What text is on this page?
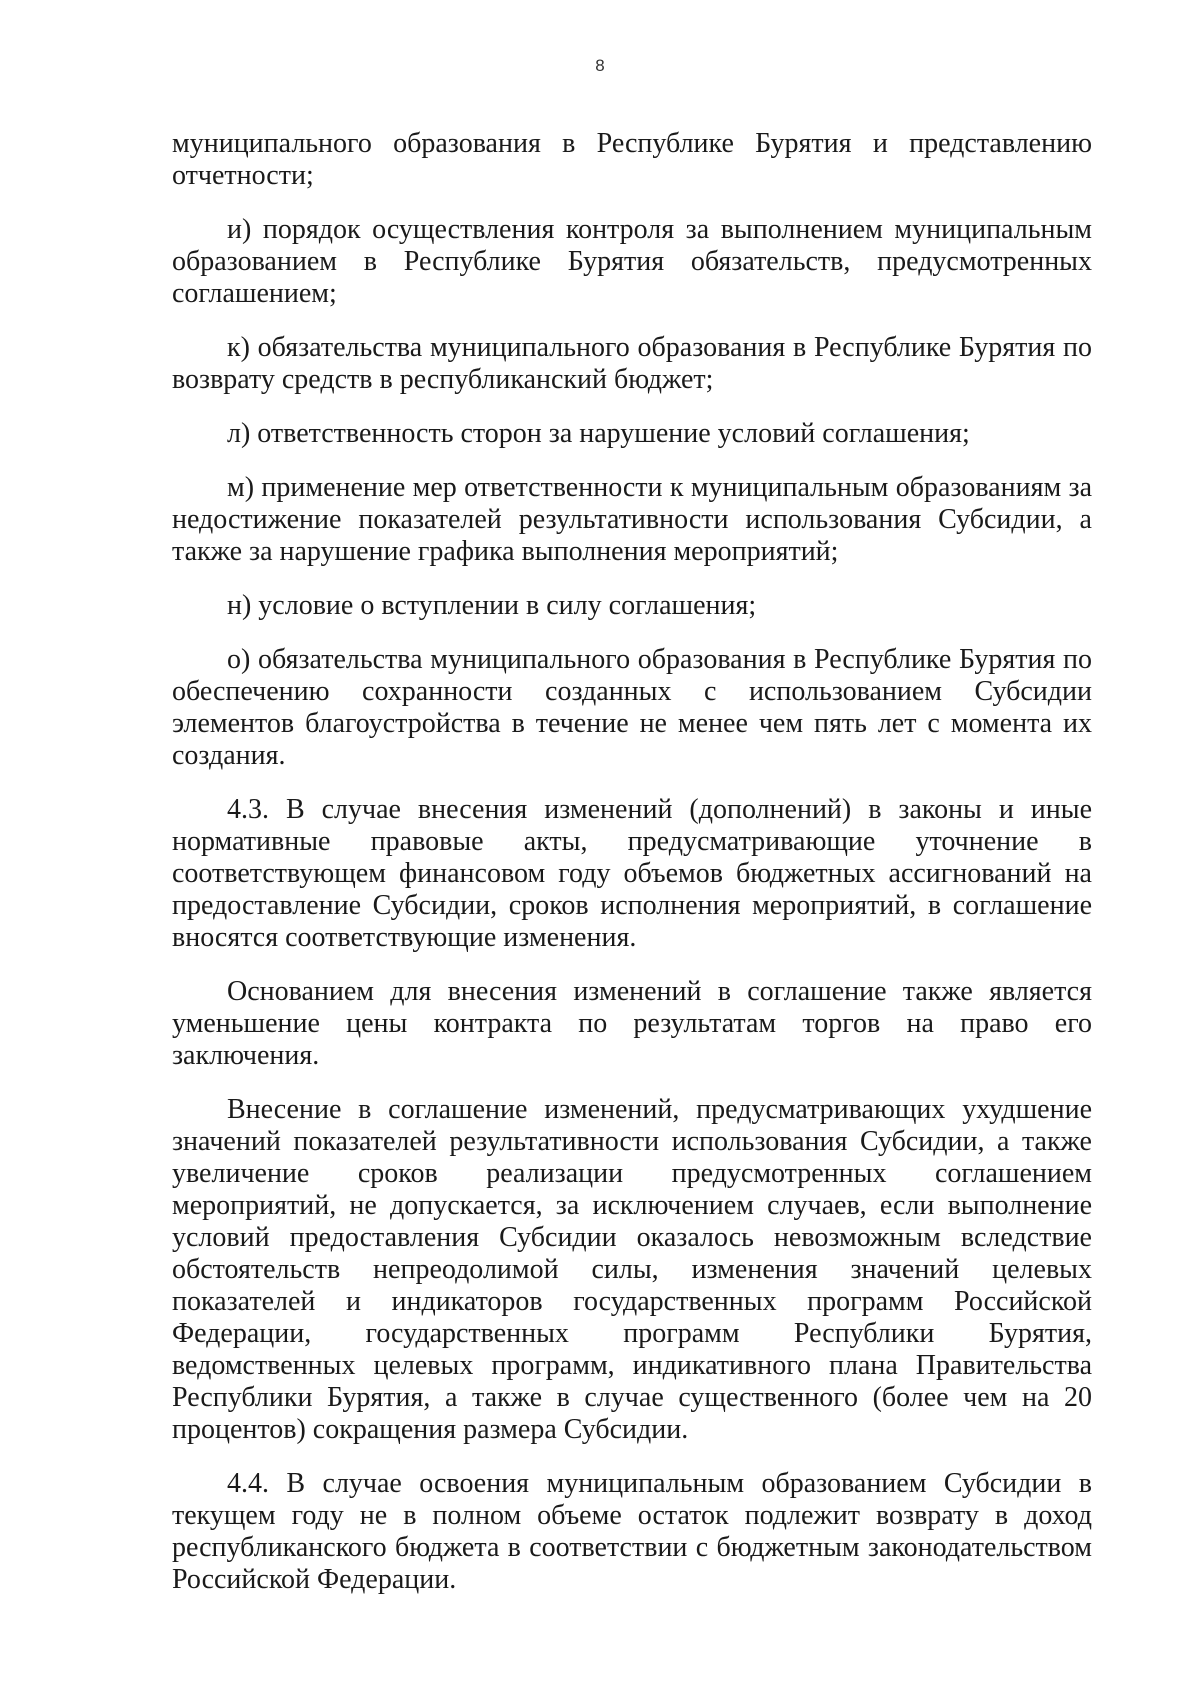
8

муниципального образования в Республике Бурятия и представлению отчетности;

и) порядок осуществления контроля за выполнением муниципальным образованием в Республике Бурятия обязательств, предусмотренных соглашением;

к) обязательства муниципального образования в Республике Бурятия по возврату средств в республиканский бюджет;

л) ответственность сторон за нарушение условий соглашения;

м) применение мер ответственности к муниципальным образованиям за недостижение показателей результативности использования Субсидии, а также за нарушение графика выполнения мероприятий;

н) условие о вступлении в силу соглашения;

о) обязательства муниципального образования в Республике Бурятия по обеспечению сохранности созданных с использованием Субсидии элементов благоустройства в течение не менее чем пять лет с момента их создания.

4.3. В случае внесения изменений (дополнений) в законы и иные нормативные правовые акты, предусматривающие уточнение в соответствующем финансовом году объемов бюджетных ассигнований на предоставление Субсидии, сроков исполнения мероприятий, в соглашение вносятся соответствующие изменения.

Основанием для внесения изменений в соглашение также является уменьшение цены контракта по результатам торгов на право его заключения.

Внесение в соглашение изменений, предусматривающих ухудшение значений показателей результативности использования Субсидии, а также увеличение сроков реализации предусмотренных соглашением мероприятий, не допускается, за исключением случаев, если выполнение условий предоставления Субсидии оказалось невозможным вследствие обстоятельств непреодолимой силы, изменения значений целевых показателей и индикаторов государственных программ Российской Федерации, государственных программ Республики Бурятия, ведомственных целевых программ, индикативного плана Правительства Республики Бурятия, а также в случае существенного (более чем на 20 процентов) сокращения размера Субсидии.

4.4. В случае освоения муниципальным образованием Субсидии в текущем году не в полном объеме остаток подлежит возврату в доход республиканского бюджета в соответствии с бюджетным законодательством Российской Федерации.
